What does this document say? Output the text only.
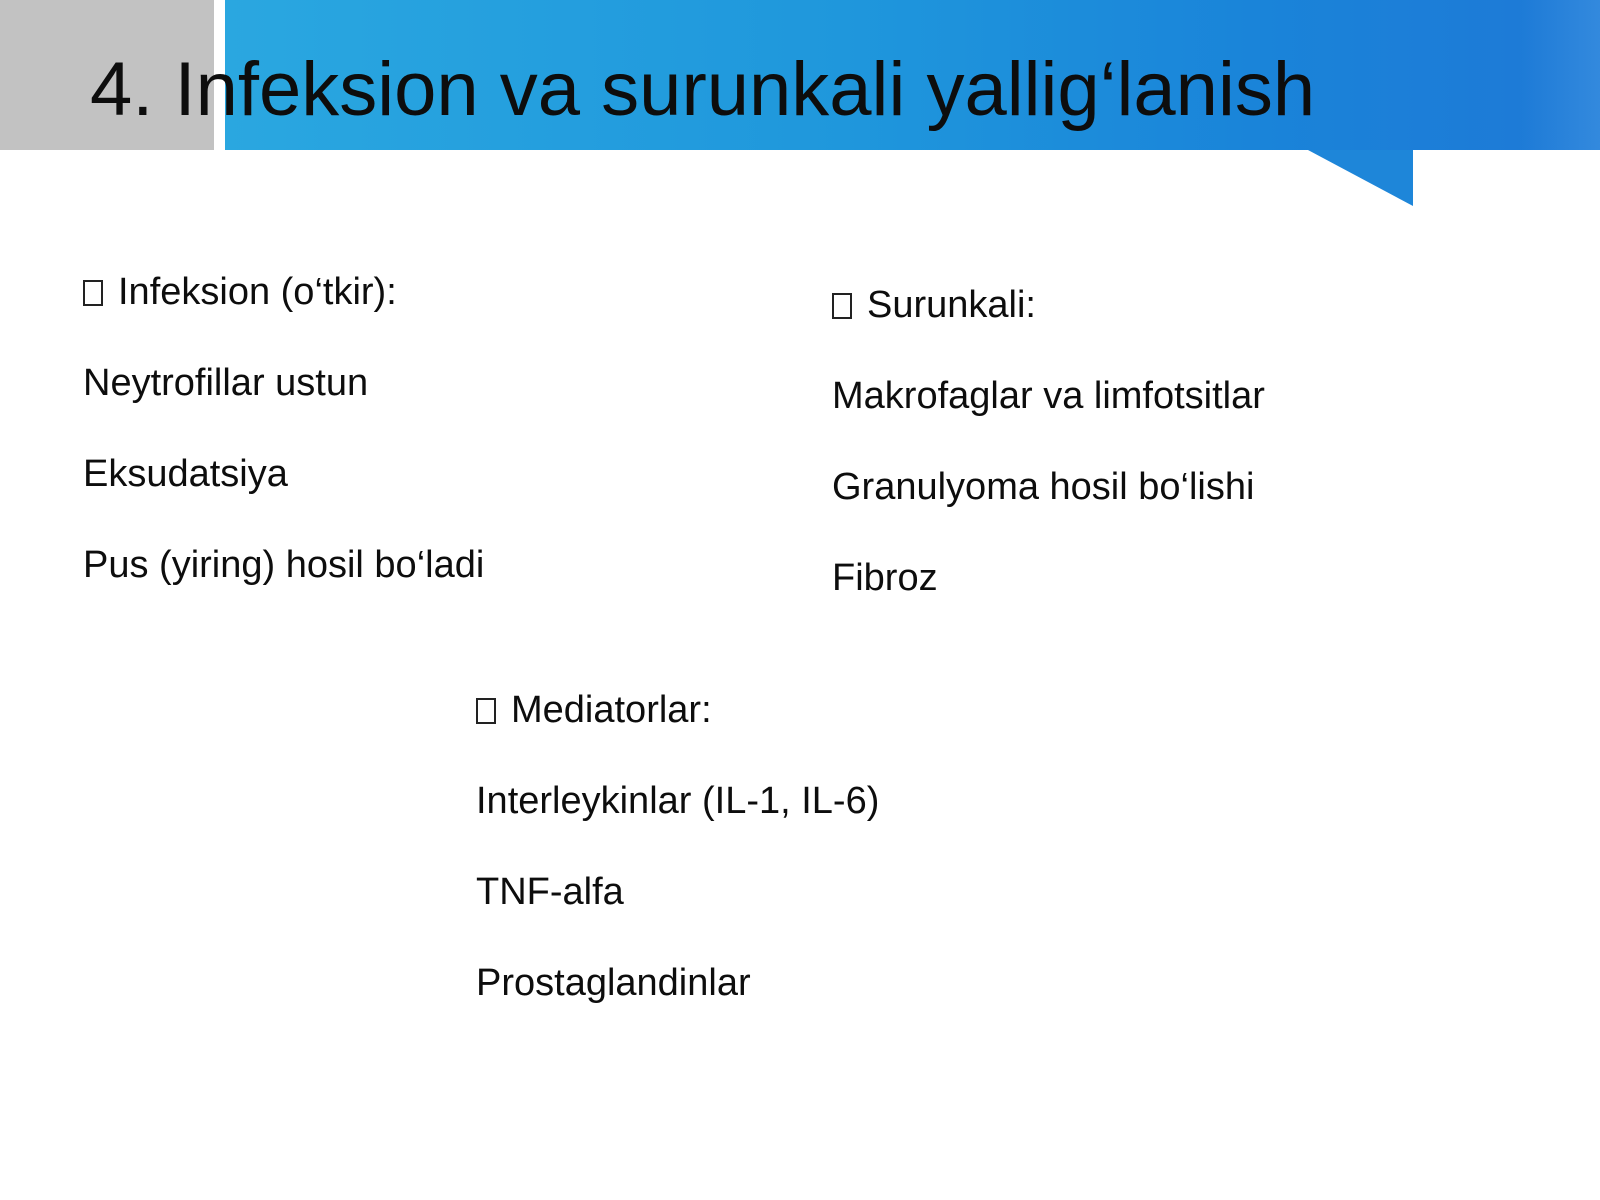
4. Infeksion va surunkali yallig‘lanish
Infeksion (o‘tkir):
Neytrofillar ustun
Eksudatsiya
Pus (yiring) hosil bo‘ladi
Surunkali:
Makrofaglar va limfotsitlar
Granulyoma hosil bo‘lishi
Fibroz
Mediatorlar:
Interleykinlar (IL-1, IL-6)
TNF-alfa
Prostaglandinlar
